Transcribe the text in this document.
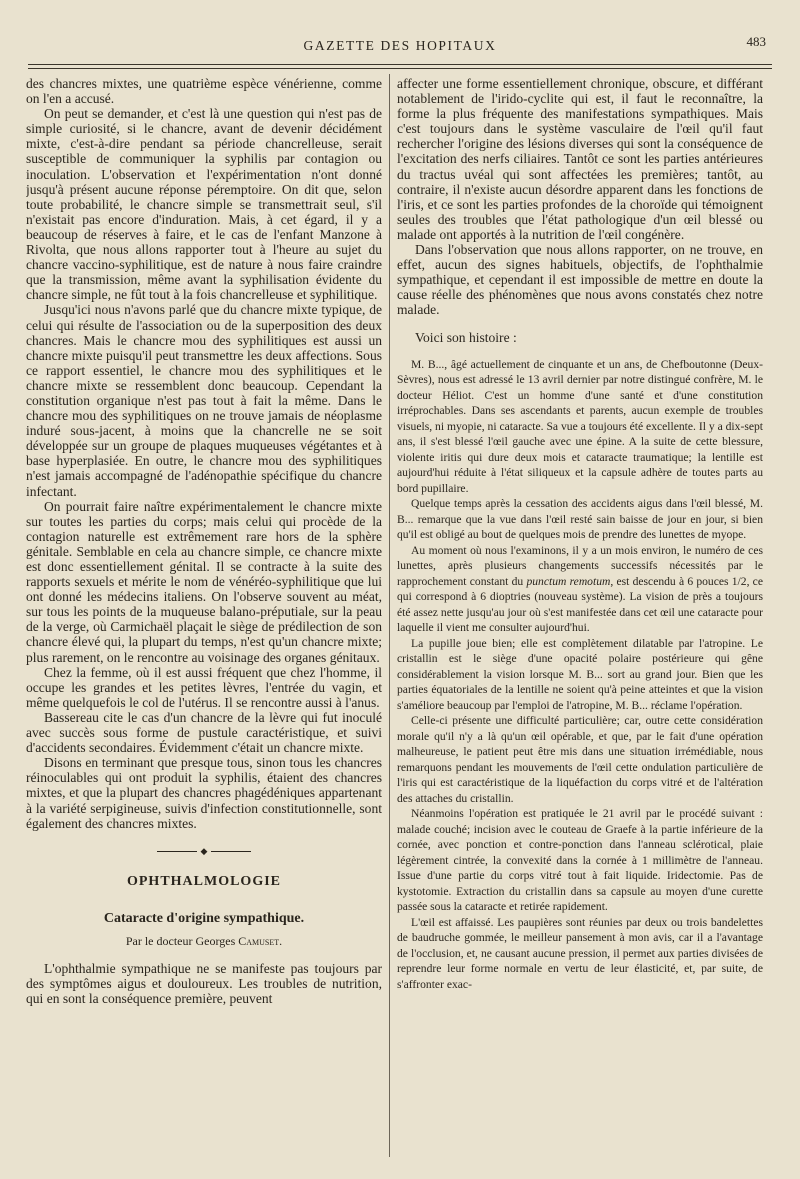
GAZETTE DES HOPITAUX	483

des chancres mixtes, une quatrième espèce vénérienne, comme on l'en a accusé.

On peut se demander, et c'est là une question qui n'est pas de simple curiosité, si le chancre, avant de devenir décidément mixte, c'est-à-dire pendant sa période chancrelleuse, serait susceptible de communiquer la syphilis par contagion ou inoculation. L'observation et l'expérimentation n'ont donné jusqu'à présent aucune réponse péremptoire. On dit que, selon toute probabilité, le chancre simple se transmettrait seul, s'il n'existait pas encore d'induration. Mais, à cet égard, il y a beaucoup de réserves à faire, et le cas de l'enfant Manzone à Rivolta, que nous allons rapporter tout à l'heure au sujet du chancre vaccino-syphilitique, est de nature à nous faire craindre que la transmission, même avant la syphilisation évidente du chancre simple, ne fût tout à la fois chancrelleuse et syphilitique.

Jusqu'ici nous n'avons parlé que du chancre mixte typique, de celui qui résulte de l'association ou de la superposition des deux chancres. Mais le chancre mou des syphilitiques est aussi un chancre mixte puisqu'il peut transmettre les deux affections. Sous ce rapport essentiel, le chancre mou des syphilitiques et le chancre mixte se ressemblent donc beaucoup. Cependant la constitution organique n'est pas tout à fait la même. Dans le chancre mou des syphilitiques on ne trouve jamais de néoplasme induré sous-jacent, à moins que la chancrelle ne se soit développée sur un groupe de plaques muqueuses végétantes et à base hyperplasiée. En outre, le chancre mou des syphilitiques n'est jamais accompagné de l'adénopathie spécifique du chancre infectant.

On pourrait faire naître expérimentalement le chancre mixte sur toutes les parties du corps; mais celui qui procède de la contagion naturelle est extrêmement rare hors de la sphère génitale. Semblable en cela au chancre simple, ce chancre mixte est donc essentiellement génital. Il se contracte à la suite des rapports sexuels et mérite le nom de vénéréo-syphilitique que lui ont donné les médecins italiens. On l'observe souvent au méat, sur tous les points de la muqueuse balano-préputiale, sur la peau de la verge, où Carmichaël plaçait le siège de prédilection de son chancre élevé qui, la plupart du temps, n'est qu'un chancre mixte; plus rarement, on le rencontre au voisinage des organes génitaux.

Chez la femme, où il est aussi fréquent que chez l'homme, il occupe les grandes et les petites lèvres, l'entrée du vagin, et même quelquefois le col de l'utérus. Il se rencontre aussi à l'anus.

Bassereau cite le cas d'un chancre de la lèvre qui fut inoculé avec succès sous forme de pustule caractéristique, et suivi d'accidents secondaires. Évidemment c'était un chancre mixte.

Disons en terminant que presque tous, sinon tous les chancres réinoculables qui ont produit la syphilis, étaient des chancres mixtes, et que la plupart des chancres phagédéniques appartenant à la variété serpigineuse, suivis d'infection constitutionnelle, sont également des chancres mixtes.

◆
OPHTHALMOLOGIE
Cataracte d'origine sympathique.
Par le docteur Georges Camuset.

L'ophthalmie sympathique ne se manifeste pas toujours par des symptômes aigus et douloureux. Les troubles de nutrition, qui en sont la conséquence première, peuvent

affecter une forme essentiellement chronique, obscure, et différant notablement de l'irido-cyclite qui est, il faut le reconnaître, la forme la plus fréquente des manifestations sympathiques. Mais c'est toujours dans le système vasculaire de l'œil qu'il faut rechercher l'origine des lésions diverses qui sont la conséquence de l'excitation des nerfs ciliaires. Tantôt ce sont les parties antérieures du tractus uvéal qui sont affectées les premières; tantôt, au contraire, il n'existe aucun désordre apparent dans les fonctions de l'iris, et ce sont les parties profondes de la choroïde qui témoignent seules des troubles que l'état pathologique d'un œil blessé ou malade ont apportés à la nutrition de l'œil congénère.

Dans l'observation que nous allons rapporter, on ne trouve, en effet, aucun des signes habituels, objectifs, de l'ophthalmie sympathique, et cependant il est impossible de mettre en doute la cause réelle des phénomènes que nous avons constatés chez notre malade.

Voici son histoire :

M. B..., âgé actuellement de cinquante et un ans, de Chefboutonne (Deux-Sèvres), nous est adressé le 13 avril dernier par notre distingué confrère, M. le docteur Héliot. C'est un homme d'une santé et d'une constitution irréprochables. Dans ses ascendants et parents, aucun exemple de troubles visuels, ni myopie, ni cataracte. Sa vue a toujours été excellente. Il y a dix-sept ans, il s'est blessé l'œil gauche avec une épine. A la suite de cette blessure, violente iritis qui dure deux mois et cataracte traumatique; la lentille est aujourd'hui réduite à l'état siliqueux et la capsule adhère de toutes parts au bord pupillaire.

Quelque temps après la cessation des accidents aigus dans l'œil blessé, M. B... remarque que la vue dans l'œil resté sain baisse de jour en jour, si bien qu'il est obligé au bout de quelques mois de prendre des lunettes de myope.

Au moment où nous l'examinons, il y a un mois environ, le numéro de ces lunettes, après plusieurs changements successifs nécessités par le rapprochement constant du punctum remotum, est descendu à 6 pouces 1/2, ce qui correspond à 6 dioptries (nouveau système). La vision de près a toujours été assez nette jusqu'au jour où s'est manifestée dans cet œil une cataracte pour laquelle il vient me consulter aujourd'hui.

La pupille joue bien; elle est complètement dilatable par l'atropine. Le cristallin est le siège d'une opacité polaire postérieure qui gêne considérablement la vision lorsque M. B... sort au grand jour. Bien que les parties équatoriales de la lentille ne soient qu'à peine atteintes et que la vision s'améliore beaucoup par l'emploi de l'atropine, M. B... réclame l'opération.

Celle-ci présente une difficulté particulière; car, outre cette considération morale qu'il n'y a là qu'un œil opérable, et que, par le fait d'une opération malheureuse, le patient peut être mis dans une situation irrémédiable, nous remarquons pendant les mouvements de l'œil cette ondulation particulière de l'iris qui est caractéristique de la liquéfaction du corps vitré et de l'altération des attaches du cristallin.

Néanmoins l'opération est pratiquée le 21 avril par le procédé suivant : malade couché; incision avec le couteau de Graefe à la partie inférieure de la cornée, avec ponction et contre-ponction dans l'anneau sclérotical, plaie légèrement cintrée, la convexité dans la cornée à 1 millimètre de l'anneau. Issue d'une partie du corps vitré tout à fait liquide. Iridectomie. Pas de kystotomie. Extraction du cristallin dans sa capsule au moyen d'une curette passée sous la cataracte et retirée rapidement.

L'œil est affaissé. Les paupières sont réunies par deux ou trois bandelettes de baudruche gommée, le meilleur pansement à mon avis, car il a l'avantage de l'occlusion, et, ne causant aucune pression, il permet aux parties divisées de reprendre leur forme normale en vertu de leur élasticité, et, par suite, de s'affronter exac-
